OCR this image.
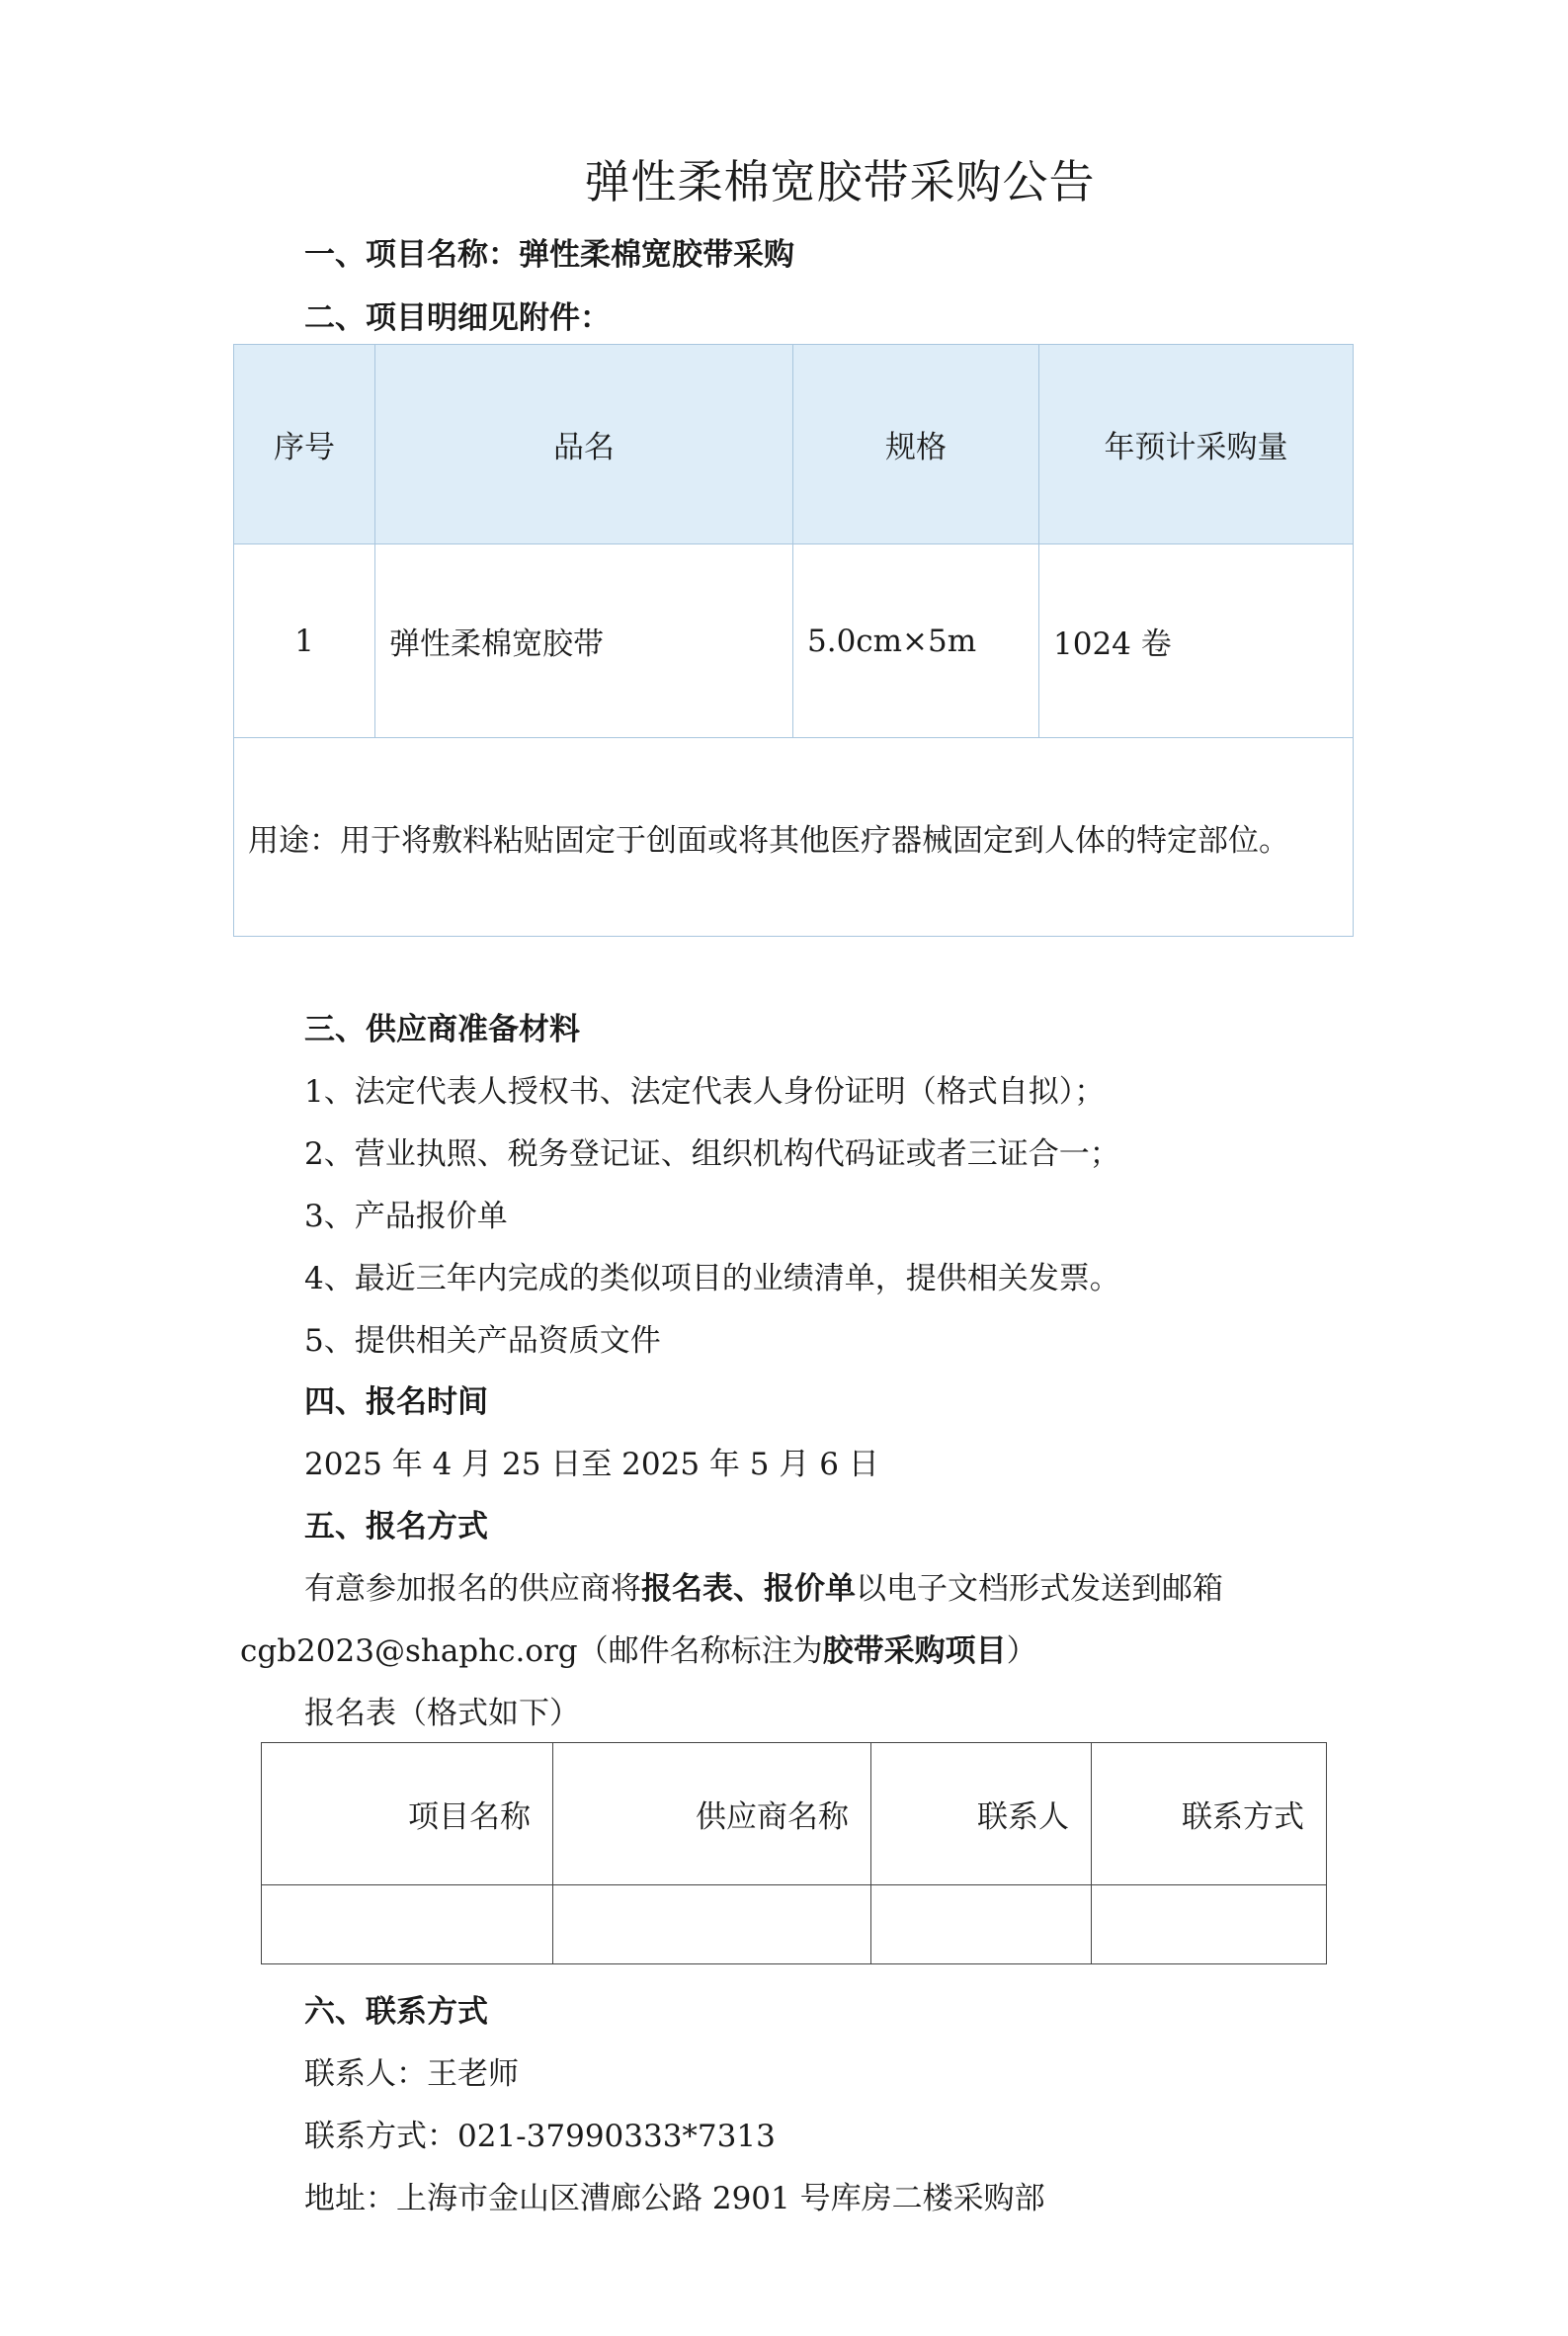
弹性柔棉宽胶带采购公告
一、项目名称：弹性柔棉宽胶带采购
二、项目明细见附件：
序号	品名	规格	年预计采购量
1	弹性柔棉宽胶带	5.0cm×5m	1024 卷
用途：用于将敷料粘贴固定于创面或将其他医疗器械固定到人体的特定部位。			
三、供应商准备材料
1、法定代表人授权书、法定代表人身份证明（格式自拟）；
2、营业执照、税务登记证、组织机构代码证或者三证合一；
3、产品报价单
4、最近三年内完成的类似项目的业绩清单，提供相关发票。
5、提供相关产品资质文件
四、报名时间
2025 年 4 月 25 日至 2025 年 5 月 6 日
五、报名方式
有意参加报名的供应商将报名表、报价单以电子文档形式发送到邮箱
cgb2023@shaphc.org（邮件名称标注为胶带采购项目）
报名表（格式如下）
项目名称	供应商名称	联系人	联系方式

六、联系方式
联系人：王老师
联系方式：021-37990333*7313
地址：上海市金山区漕廊公路 2901 号库房二楼采购部
